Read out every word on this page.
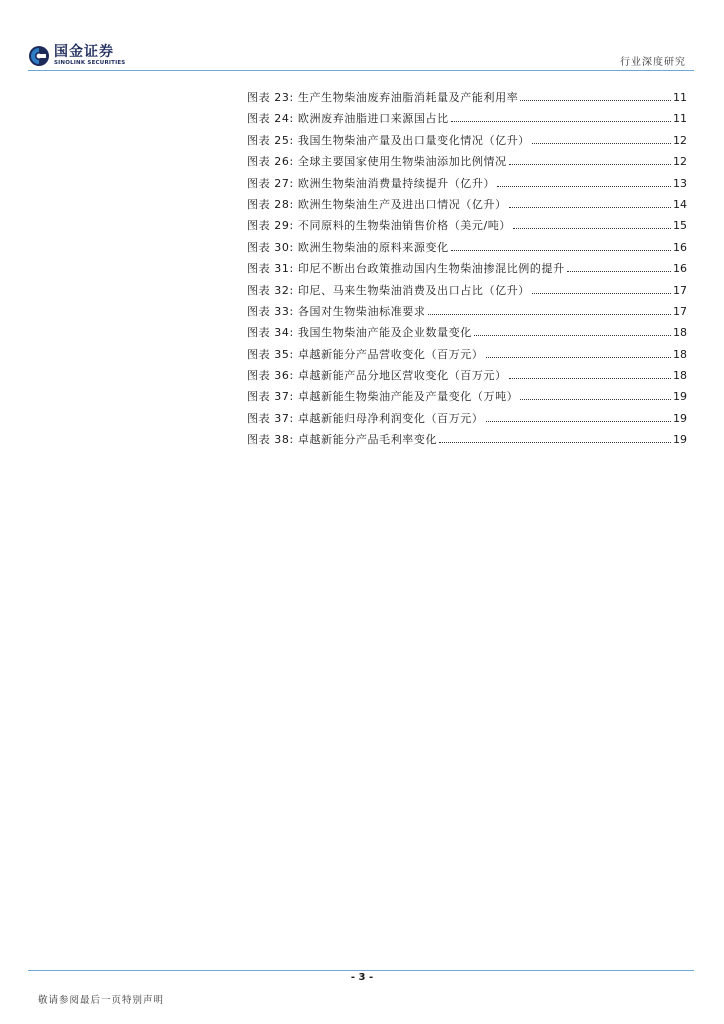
国金证券
SINOLINK SECURITIES	行业深度研究
图表 23: 生产生物柴油废弃油脂消耗量及产能利用率	11
图表 24: 欧洲废弃油脂进口来源国占比	11
图表 25: 我国生物柴油产量及出口量变化情况（亿升）	12
图表 26: 全球主要国家使用生物柴油添加比例情况	12
图表 27: 欧洲生物柴油消费量持续提升（亿升）	13
图表 28: 欧洲生物柴油生产及进出口情况（亿升）	14
图表 29: 不同原料的生物柴油销售价格（美元/吨）	15
图表 30: 欧洲生物柴油的原料来源变化	16
图表 31: 印尼不断出台政策推动国内生物柴油掺混比例的提升	16
图表 32: 印尼、马来生物柴油消费及出口占比（亿升）	17
图表 33: 各国对生物柴油标准要求	17
图表 34: 我国生物柴油产能及企业数量变化	18
图表 35: 卓越新能分产品营收变化（百万元）	18
图表 36: 卓越新能产品分地区营收变化（百万元）	18
图表 37: 卓越新能生物柴油产能及产量变化（万吨）	19
图表 37: 卓越新能归母净利润变化（百万元）	19
图表 38: 卓越新能分产品毛利率变化	19
- 3 -
敬请参阅最后一页特别声明
